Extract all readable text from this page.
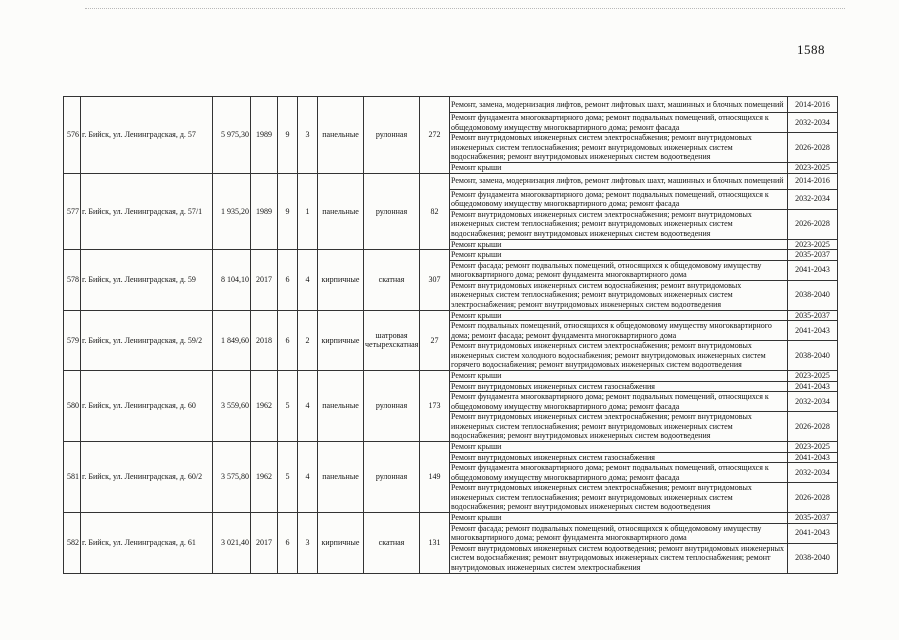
1588
576	г. Бийск, ул. Ленинградская, д. 57	5 975,30	1989	9	3	панельные	рулонная	272	Ремонт, замена, модернизация лифтов, ремонт лифтовых шахт, машинных и блочных помещений	2014-2016
									Ремонт фундамента многоквартирного дома; ремонт подвальных помещений, относящихся к общедомовому имуществу многоквартирного дома; ремонт фасада	2032-2034
									Ремонт внутридомовых инженерных систем электроснабжения; ремонт внутридомовых инженерных систем теплоснабжения; ремонт внутридомовых инженерных систем водоснабжения; ремонт внутридомовых инженерных систем водоотведения	2026-2028
									Ремонт крыши	2023-2025
577	г. Бийск, ул. Ленинградская, д. 57/1	1 935,20	1989	9	1	панельные	рулонная	82	Ремонт, замена, модернизация лифтов, ремонт лифтовых шахт, машинных и блочных помещений	2014-2016
									Ремонт фундамента многоквартирного дома; ремонт подвальных помещений, относящихся к общедомовому имуществу многоквартирного дома; ремонт фасада	2032-2034
									Ремонт внутридомовых инженерных систем электроснабжения; ремонт внутридомовых инженерных систем теплоснабжения; ремонт внутридомовых инженерных систем водоснабжения; ремонт внутридомовых инженерных систем водоотведения	2026-2028
									Ремонт крыши	2023-2025
578	г. Бийск, ул. Ленинградская, д. 59	8 104,10	2017	6	4	кирпичные	скатная	307	Ремонт крыши	2035-2037
									Ремонт фасада; ремонт подвальных помещений, относящихся к общедомовому имуществу многоквартирного дома; ремонт фундамента многоквартирного дома	2041-2043
									Ремонт внутридомовых инженерных систем водоснабжения; ремонт внутридомовых инженерных систем теплоснабжения; ремонт внутридомовых инженерных систем электроснабжения; ремонт внутридомовых инженерных систем водоотведения	2038-2040
579	г. Бийск, ул. Ленинградская, д. 59/2	1 849,60	2018	6	2	кирпичные	шатровая четырехскатная	27	Ремонт крыши	2035-2037
									Ремонт подвальных помещений, относящихся к общедомовому имуществу многоквартирного дома; ремонт фасада; ремонт фундамента многоквартирного дома	2041-2043
									Ремонт внутридомовых инженерных систем электроснабжения; ремонт внутридомовых инженерных систем холодного водоснабжения; ремонт внутридомовых инженерных систем горячего водоснабжения; ремонт внутридомовых инженерных систем водоотведения	2038-2040
580	г. Бийск, ул. Ленинградская, д. 60	3 559,60	1962	5	4	панельные	рулонная	173	Ремонт крыши	2023-2025
									Ремонт внутридомовых инженерных систем газоснабжения	2041-2043
									Ремонт фундамента многоквартирного дома; ремонт подвальных помещений, относящихся к общедомовому имуществу многоквартирного дома; ремонт фасада	2032-2034
									Ремонт внутридомовых инженерных систем электроснабжения; ремонт внутридомовых инженерных систем теплоснабжения; ремонт внутридомовых инженерных систем водоснабжения; ремонт внутридомовых инженерных систем водоотведения	2026-2028
581	г. Бийск, ул. Ленинградская, д. 60/2	3 575,80	1962	5	4	панельные	рулонная	149	Ремонт крыши	2023-2025
									Ремонт внутридомовых инженерных систем газоснабжения	2041-2043
									Ремонт фундамента многоквартирного дома; ремонт подвальных помещений, относящихся к общедомовому имуществу многоквартирного дома; ремонт фасада	2032-2034
									Ремонт внутридомовых инженерных систем электроснабжения; ремонт внутридомовых инженерных систем теплоснабжения; ремонт внутридомовых инженерных систем водоснабжения; ремонт внутридомовых инженерных систем водоотведения	2026-2028
582	г. Бийск, ул. Ленинградская, д. 61	3 021,40	2017	6	3	кирпичные	скатная	131	Ремонт крыши	2035-2037
									Ремонт фасада; ремонт подвальных помещений, относящихся к общедомовому имуществу многоквартирного дома; ремонт фундамента многоквартирного дома	2041-2043
									Ремонт внутридомовых инженерных систем водоотведения; ремонт внутридомовых инженерных систем водоснабжения; ремонт внутридомовых инженерных систем теплоснабжения; ремонт внутридомовых инженерных систем электроснабжения	2038-2040
